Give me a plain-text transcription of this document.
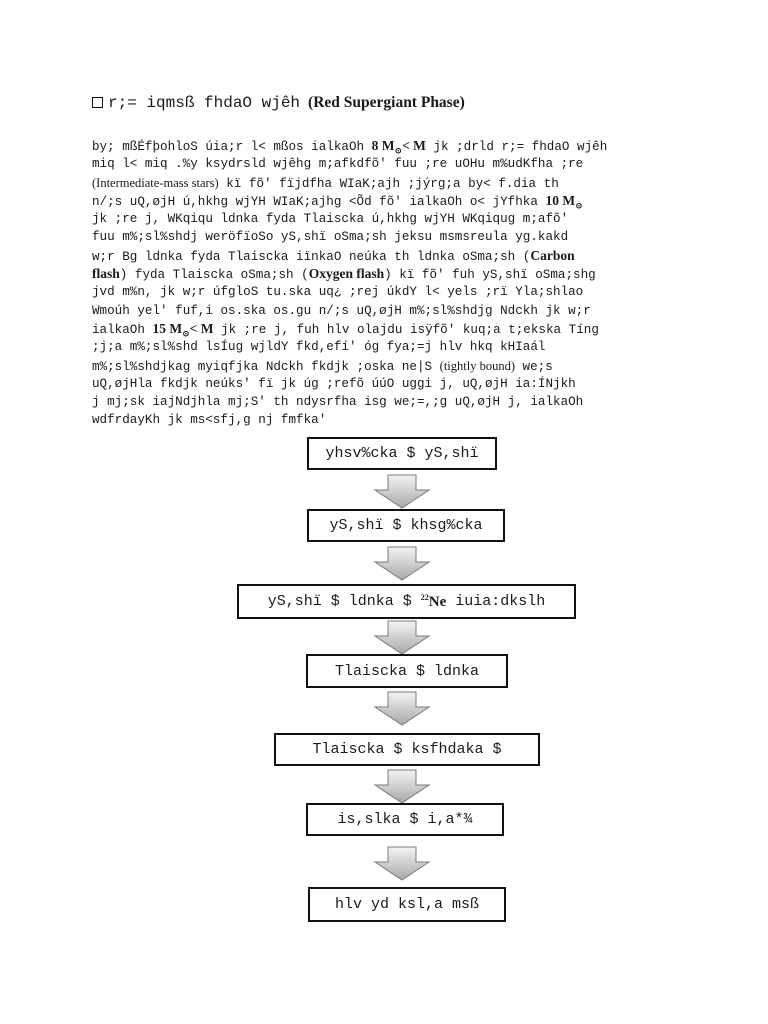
r;= iqmsß fhdaO wjêh (Red Supergiant Phase)
by; mßÉfþohloS úia;r l< mßos ialkaOh 8 $M_⊙< M$ jk ;drld r;= fhdaO wjêh
miq l< miq .%y ksydrsld wjêhg m;afkdfõ' fuu ;re uOHu m%udKfha ;re
(Intermediate-mass stars) kï fõ' fïjdfha WIaK;ajh ;jýrg;a by< f.dia th
n/;s uQ,øjH ú,hkhg wjYH WIaK;ajhg <Õd fõ' ialkaOh o< jYfhka 10 $M_⊙$
jk ;re j, WKqiqu ldnka fyda Tlaiscka ú,hkhg wjYH WKqiqug m;afõ'
fuu m%;sl%shdj weröfïoSo yS,shï oSma;sh jeksu msmsreula yg.kakd
w;r Bg ldnka fyda Tlaiscka iïnkaO neúka th ldnka oSma;sh (Carbon
flash) fyda Tlaiscka oSma;sh (Oxygen flash) kï fõ' fuh yS,shï oSma;shg
jvd m%n, jk w;r úfgloS tu.ska uq¿ ;rej úkdY l< yels ;rï Yla;shlao
Wmoúh yel' fuf,i os.ska os.gu n/;s uQ,øjH m%;sl%shdjg Ndckh jk w;r
ialkaOh 15 $M_⊙< M$ jk ;re j, fuh hlv olajdu isÿfõ' kuq;a t;ekska Tíng
;j;a m%;sl%shd lsÍug wjldY fkd,efí' óg fya;=j hlv hkq kHIaál
m%;sl%shdjkag myiqfjka Ndckh fkdjk ;oska ne|S (tightly bound) we;s
uQ,øjHla fkdjk neúks' fï jk úg ;refõ úúO uggi j, uQ,øjH ia:ÍNjkh
j mj;sk iajNdjhla mj;S' th ndysrfha isg we;=,;g uQ,øjH j, ialkaOh
wdfrdayKh jk ms<sfj,g nj fmfka'
yhsv%cka $ yS,shï
yS,shï $ khsg%cka
yS,shï $ ldnka $ $^{22}$Ne iuia:dkslh
Tlaiscka $ ldnka
Tlaiscka $ ksfhdaka $
is,slka $ i,a*¾
hlv yd ksl,a msß
